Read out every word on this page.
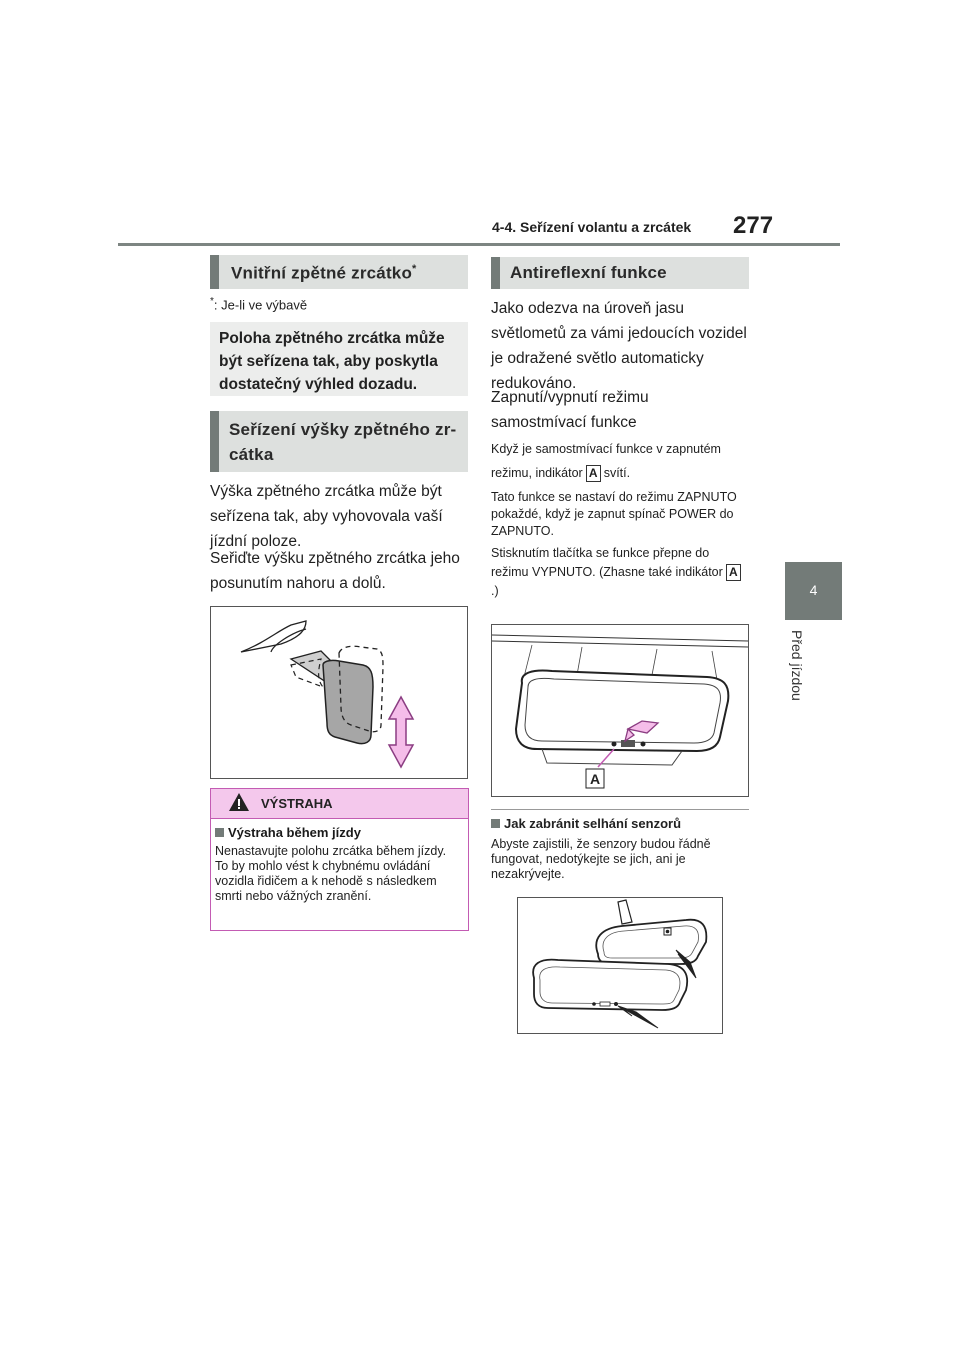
4-4. Seřízení volantu a zrcátek 277
4
Před jízdou
Vnitřní zpětné zrcátko*
*: Je-li ve výbavě
Poloha zpětného zrcátka může být seřízena tak, aby poskytla dostatečný výhled dozadu.
Seřízení výšky zpětného zr-cátka
Výška zpětného zrcátka může být seřízena tak, aby vyhovovala vaší jízdní poloze.
Seřiďte výšku zpětného zrcátka jeho posunutím nahoru a dolů.
VÝSTRAHA
Výstraha během jízdy
Nenastavujte polohu zrcátka během jízdy. To by mohlo vést k chybnému ovládání vozidla řidičem a k nehodě s následkem smrti nebo vážných zranění.
Antireflexní funkce
Jako odezva na úroveň jasu světlometů za vámi jedoucích vozidel je odražené světlo automaticky redukováno.
Zapnutí/vypnutí režimu samostmívací funkce
Když je samostmívací funkce v zapnutém režimu, indikátor A svítí.
Tato funkce se nastaví do režimu ZAPNUTO pokaždé, když je zapnut spínač POWER do ZAPNUTO.
Stisknutím tlačítka se funkce přepne do režimu VYPNUTO. (Zhasne také indikátor A.)
A
Jak zabránit selhání senzorů
Abyste zajistili, že senzory budou řádně fungovat, nedotýkejte se jich, ani je nezakrývejte.
